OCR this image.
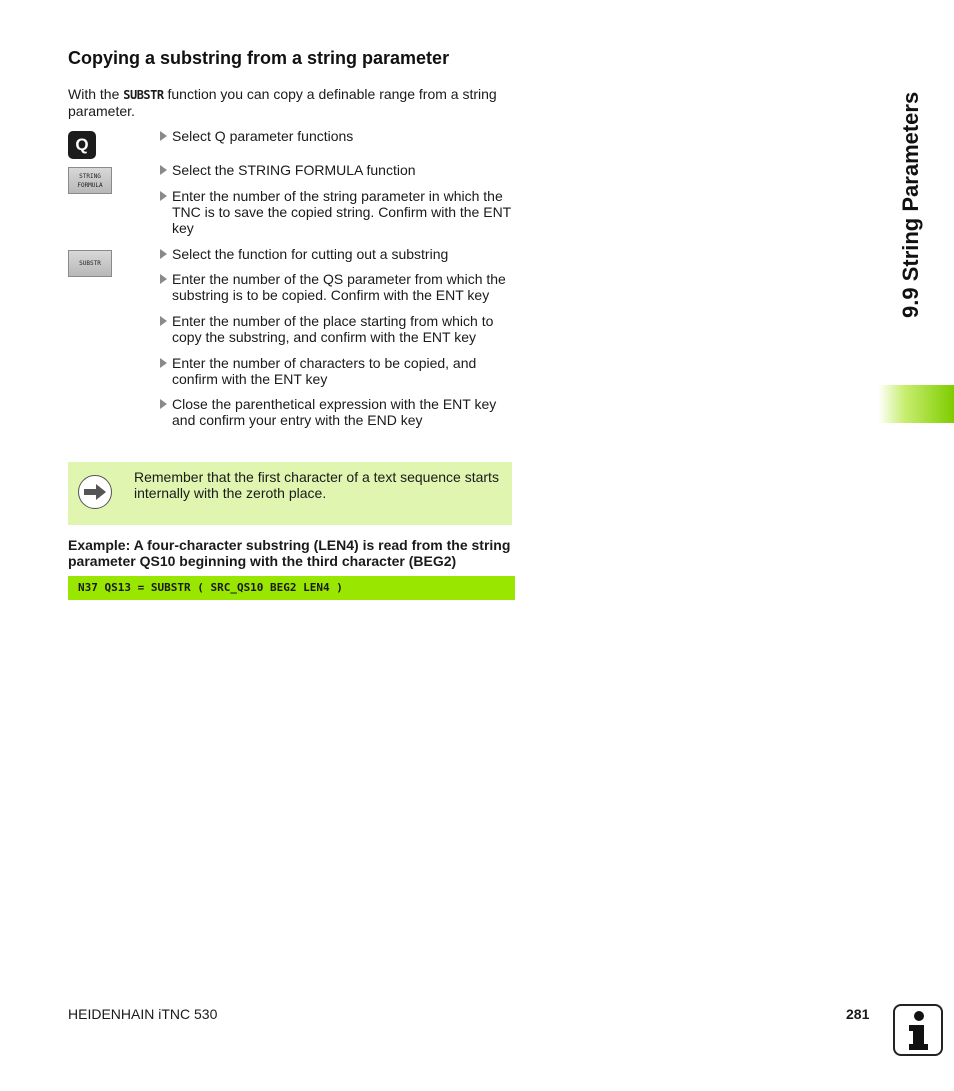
Copying a substring from a string parameter

With the SUBSTR function you can copy a definable range from a string parameter.

Q
STRING
FORMULA
SUBSTR
Select Q parameter functions
Select the STRING FORMULA function
Enter the number of the string parameter in which the TNC is to save the copied string. Confirm with the ENT key
Select the function for cutting out a substring
Enter the number of the QS parameter from which the substring is to be copied. Confirm with the ENT key
Enter the number of the place starting from which to copy the substring, and confirm with the ENT key
Enter the number of characters to be copied, and confirm with the ENT key
Close the parenthetical expression with the ENT key and confirm your entry with the END key
Remember that the first character of a text sequence starts internally with the zeroth place.

Example: A four-character substring (LEN4) is read from the string parameter QS10 beginning with the third character (BEG2)

N37 QS13 = SUBSTR ( SRC_QS10 BEG2 LEN4 )
9.9 String Parameters
HEIDENHAIN iTNC 530	281
